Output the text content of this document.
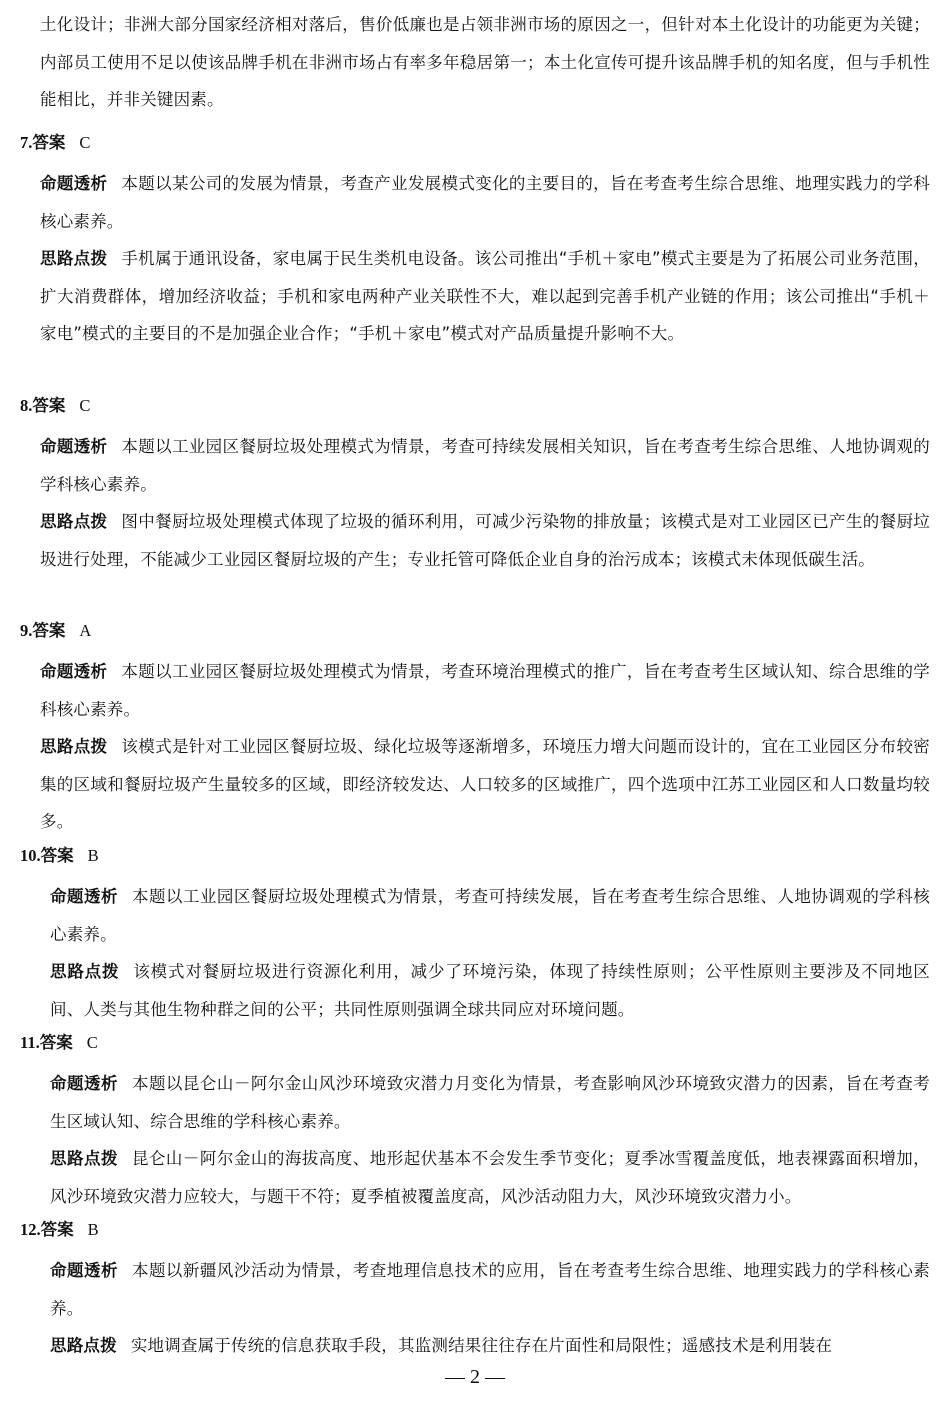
土化设计；非洲大部分国家经济相对落后，售价低廉也是占领非洲市场的原因之一，但针对本土化设计的功能更为关键；内部员工使用不足以使该品牌手机在非洲市场占有率多年稳居第一；本土化宣传可提升该品牌手机的知名度，但与手机性能相比，并非关键因素。

7.答案 C

命题透析 本题以某公司的发展为情景，考查产业发展模式变化的主要目的，旨在考查考生综合思维、地理实践力的学科核心素养。

思路点拨 手机属于通讯设备，家电属于民生类机电设备。该公司推出“手机＋家电”模式主要是为了拓展公司业务范围，扩大消费群体，增加经济收益；手机和家电两种产业关联性不大，难以起到完善手机产业链的作用；该公司推出“手机＋家电”模式的主要目的不是加强企业合作；“手机＋家电”模式对产品质量提升影响不大。

8.答案 C

命题透析 本题以工业园区餐厨垃圾处理模式为情景，考查可持续发展相关知识，旨在考查考生综合思维、人地协调观的学科核心素养。

思路点拨 图中餐厨垃圾处理模式体现了垃圾的循环利用，可减少污染物的排放量；该模式是对工业园区已产生的餐厨垃圾进行处理，不能减少工业园区餐厨垃圾的产生；专业托管可降低企业自身的治污成本；该模式未体现低碳生活。

9.答案 A

命题透析 本题以工业园区餐厨垃圾处理模式为情景，考查环境治理模式的推广，旨在考查考生区域认知、综合思维的学科核心素养。

思路点拨 该模式是针对工业园区餐厨垃圾、绿化垃圾等逐渐增多，环境压力增大问题而设计的，宜在工业园区分布较密集的区域和餐厨垃圾产生量较多的区域，即经济较发达、人口较多的区域推广，四个选项中江苏工业园区和人口数量均较多。

10.答案 B

命题透析 本题以工业园区餐厨垃圾处理模式为情景，考查可持续发展，旨在考查考生综合思维、人地协调观的学科核心素养。

思路点拨 该模式对餐厨垃圾进行资源化利用，减少了环境污染，体现了持续性原则；公平性原则主要涉及不同地区间、人类与其他生物种群之间的公平；共同性原则强调全球共同应对环境问题。

11.答案 C

命题透析 本题以昆仑山－阿尔金山风沙环境致灾潜力月变化为情景，考查影响风沙环境致灾潜力的因素，旨在考查考生区域认知、综合思维的学科核心素养。

思路点拨 昆仑山－阿尔金山的海拔高度、地形起伏基本不会发生季节变化；夏季冰雪覆盖度低，地表裸露面积增加，风沙环境致灾潜力应较大，与题干不符；夏季植被覆盖度高，风沙活动阻力大，风沙环境致灾潜力小。

12.答案 B

命题透析 本题以新疆风沙活动为情景，考查地理信息技术的应用，旨在考查考生综合思维、地理实践力的学科核心素养。

思路点拨 实地调查属于传统的信息获取手段，其监测结果往往存在片面性和局限性；遥感技术是利用装在

— 2 —
